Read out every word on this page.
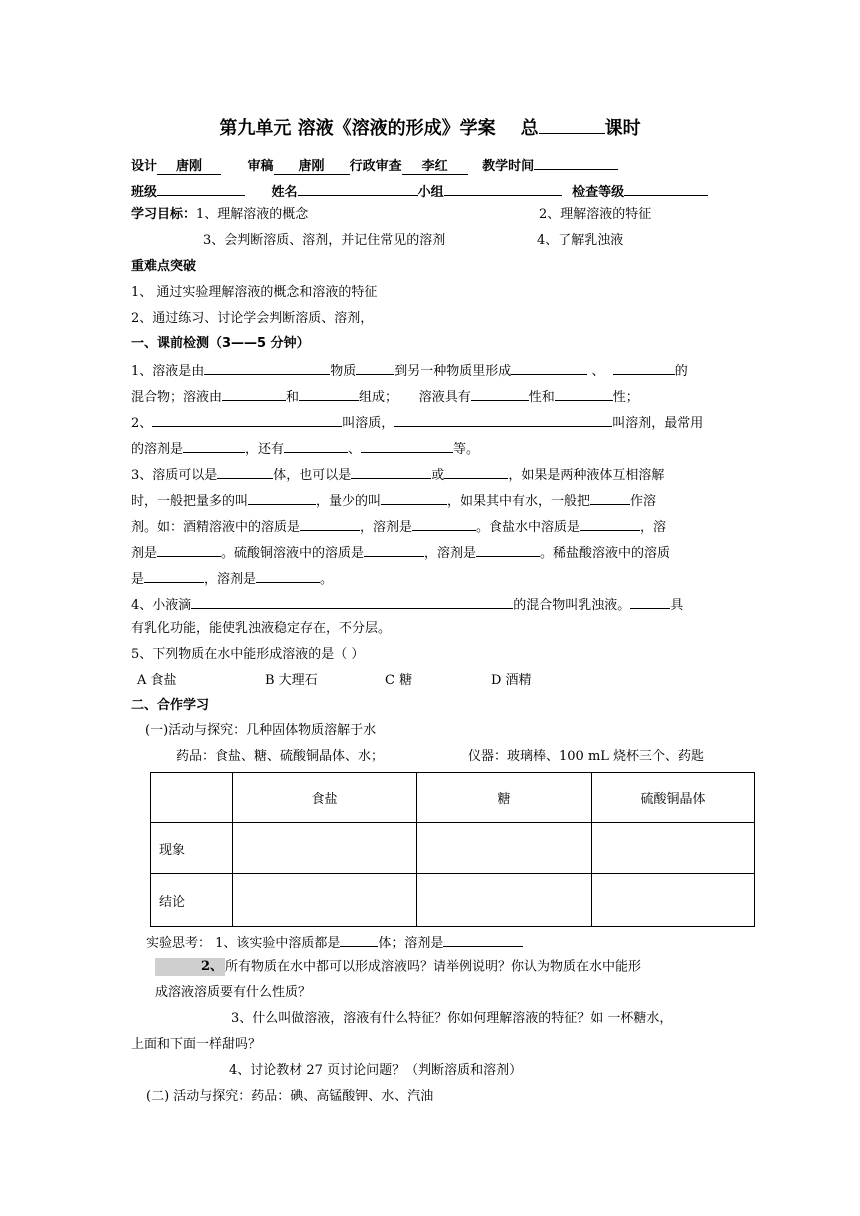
第九单元 溶液《溶液的形成》学案 总	课时
设计 唐刚	审稿 唐刚 行政审查 李红	教学时间
班级	姓名	小组	检查等级
学习目标：1、理解溶液的概念	2、理解溶液的特征
3、会判断溶质、溶剂，并记住常见的溶剂	4、了解乳浊液
重难点突破
1、 通过实验理解溶液的概念和溶液的特征
2、通过练习、讨论学会判断溶质、溶剂，
一、课前检测（3——5 分钟）
1、溶液是由	物质	到另一种物质里形成	、	的
混合物；溶液由	和	组成； 溶液具有	性和	性；
2、	叫溶质，	叫溶剂，最常用
的溶剂是	，还有	、	等。
3、溶质可以是	体，也可以是	或	，如果是两种液体互相溶解
时，一般把量多的叫	，量少的叫	，如果其中有水，一般把	作溶
剂。如：酒精溶液中的溶质是	，溶剂是	。食盐水中溶质是	，溶
剂是	。硫酸铜溶液中的溶质是	，溶剂是	。稀盐酸溶液中的溶质
是	，溶剂是	。
4、小液滴	的混合物叫乳浊液。	具
有乳化功能，能使乳浊液稳定存在，不分层。
5、下列物质在水中能形成溶液的是（ ）
A 食盐	B 大理石	C 糖	D 酒精
二、合作学习
(一)活动与探究：几种固体物质溶解于水
药品：食盐、糖、硫酸铜晶体、水；	仪器：玻璃棒、100 mL 烧杯三个、药匙
	食盐	糖	硫酸铜晶体
现象			
结论			
实验思考： 1、该实验中溶质都是	体；溶剂是
2、 所有物质在水中都可以形成溶液吗？请举例说明？你认为物质在水中能形
成溶液溶质要有什么性质？
3、什么叫做溶液，溶液有什么特征？你如何理解溶液的特征？如 一杯糖水，
上面和下面一样甜吗？
4、讨论教材 27 页讨论问题？（判断溶质和溶剂）
(二) 活动与探究：药品：碘、高锰酸钾、水、汽油
